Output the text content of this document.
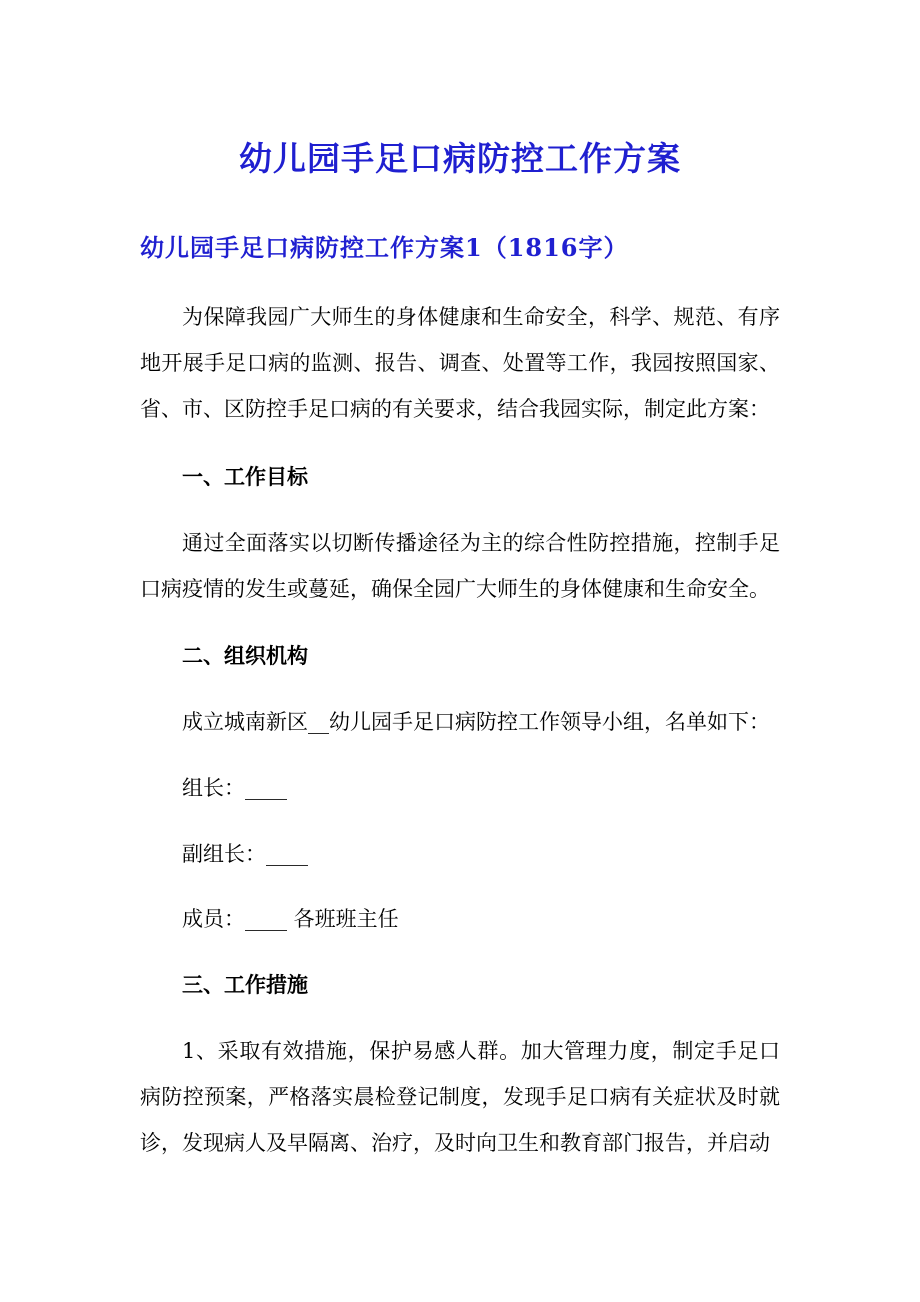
幼儿园手足口病防控工作方案
幼儿园手足口病防控工作方案1（1816字）
为保障我园广大师生的身体健康和生命安全，科学、规范、有序地开展手足口病的监测、报告、调查、处置等工作，我园按照国家、省、市、区防控手足口病的有关要求，结合我园实际，制定此方案：
一、工作目标
通过全面落实以切断传播途径为主的综合性防控措施，控制手足口病疫情的发生或蔓延，确保全园广大师生的身体健康和生命安全。
二、组织机构
成立城南新区__幼儿园手足口病防控工作领导小组，名单如下：
组长：____
副组长：____
成员：____ 各班班主任
三、工作措施
1、采取有效措施，保护易感人群。加大管理力度，制定手足口病防控预案，严格落实晨检登记制度，发现手足口病有关症状及时就诊，发现病人及早隔离、治疗，及时向卫生和教育部门报告，并启动
